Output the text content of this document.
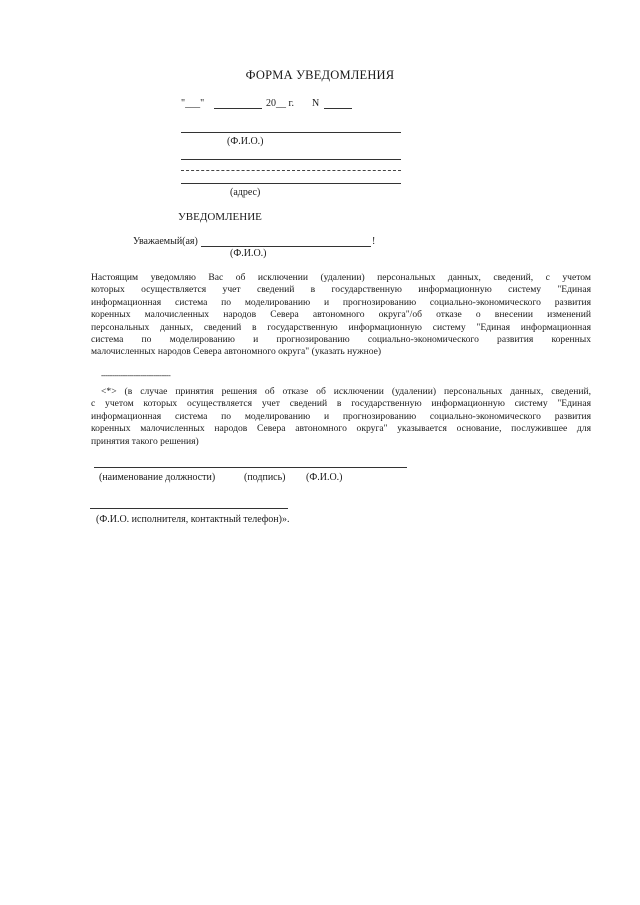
ФОРМА УВЕДОМЛЕНИЯ
"___"	20__ г. N
(Ф.И.О.)
(адрес)
УВЕДОМЛЕНИЕ
Уважаемый(ая)	!
(Ф.И.О.)
Настоящим уведомляю Вас об исключении (удалении) персональных данных, сведений, с учетом
которых осуществляется учет сведений в государственную информационную систему "Единая
информационная система по моделированию и прогнозированию социально-экономического развития
коренных малочисленных народов Севера автономного округа"/об отказе о внесении изменений
персональных данных, сведений в государственную информационную систему "Единая информационная
система по моделированию и прогнозированию социально-экономического развития коренных
малочисленных народов Севера автономного округа" (указать нужное)
--------------------------------
<*> (в случае принятия решения об отказе об исключении (удалении) персональных данных, сведений,
с учетом которых осуществляется учет сведений в государственную информационную систему "Единая
информационная система по моделированию и прогнозированию социально-экономического развития
коренных малочисленных народов Севера автономного округа" указывается основание, послужившее для
принятия такого решения)
(наименование должности)	(подпись) (Ф.И.О.)
(Ф.И.О. исполнителя, контактный телефон)».
